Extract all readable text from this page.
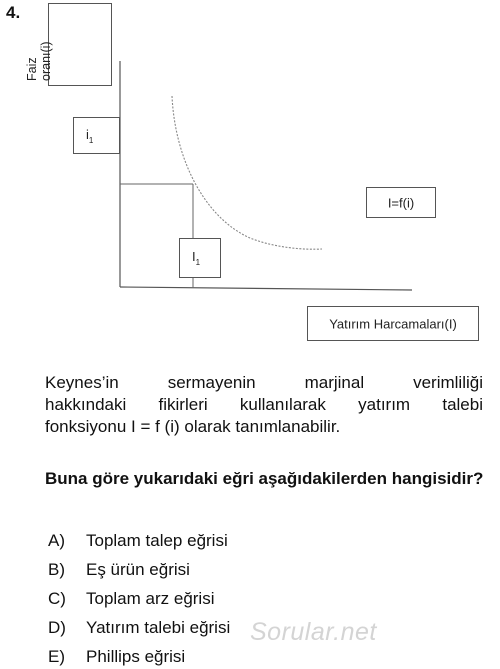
4.
Faiz oranı(i)
$i_1$
$I_1$
I=f(i)
Yatırım Harcamaları(I)
Keynes’in sermayenin marjinal verimliliği
hakkındaki fikirleri kullanılarak yatırım talebi
fonksiyonu I = f (i) olarak tanımlanabilir.
Buna göre yukarıdaki eğri aşağıdakilerden hangisidir?
A)	Toplam talep eğrisi
B)	Eş ürün eğrisi
C)	Toplam arz eğrisi
D)	Yatırım talebi eğrisi
E)	Phillips eğrisi
Sorular.net
